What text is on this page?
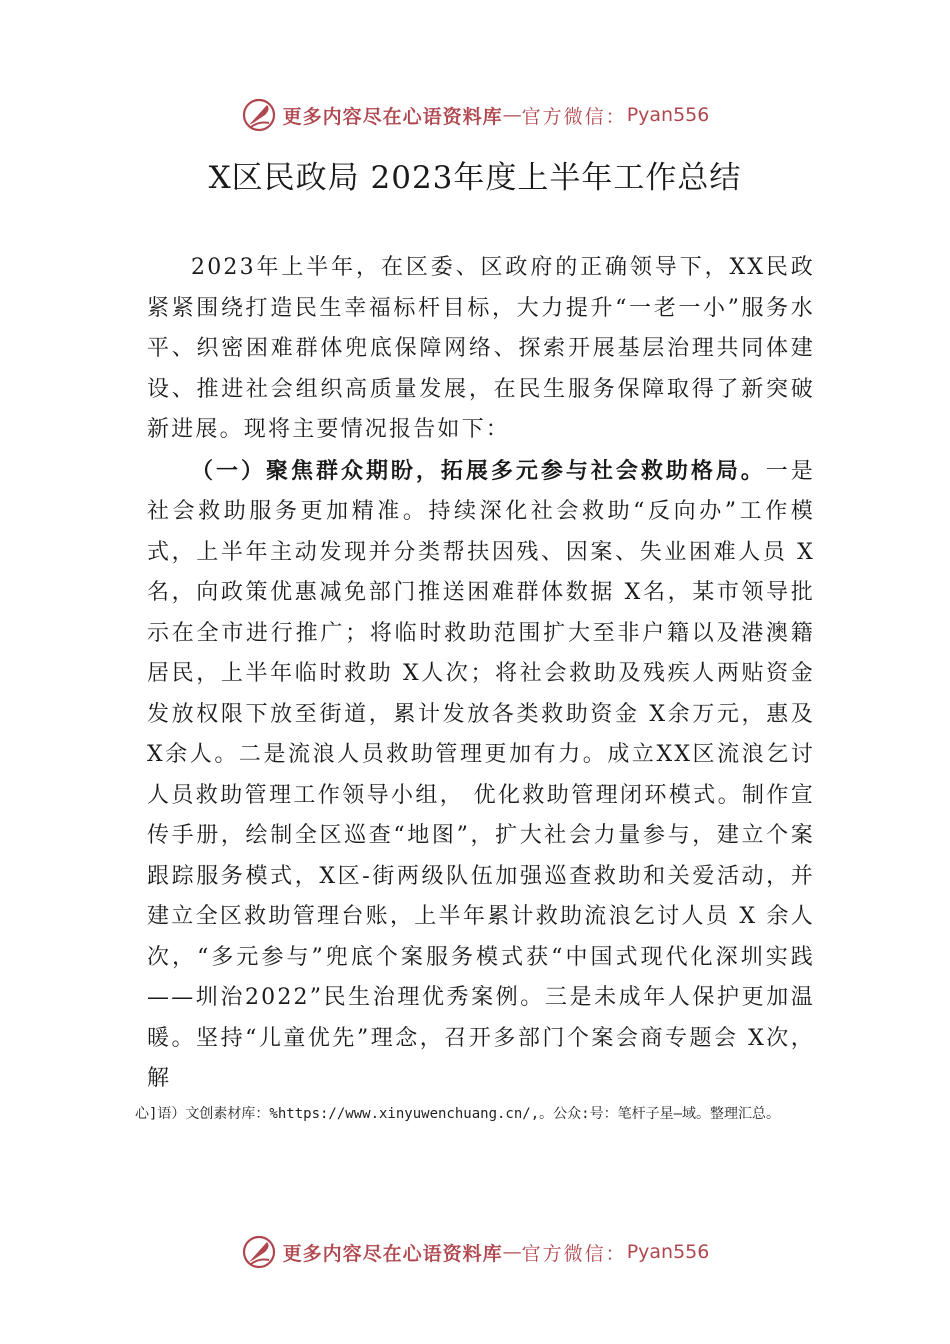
更多内容尽在心语资料库 — 官方微信： Pyan556
X区民政局 2023年度上半年工作总结

2023年上半年，在区委、区政府的正确领导下，XX民政紧紧围绕打造民生幸福标杆目标，大力提升“一老一小”服务水平、织密困难群体兜底保障网络、探索开展基层治理共同体建设、推进社会组织高质量发展，在民生服务保障取得了新突破新进展。现将主要情况报告如下：

（一）聚焦群众期盼，拓展多元参与社会救助格局。一是社会救助服务更加精准。持续深化社会救助“反向办”工作模式，上半年主动发现并分类帮扶因残、因案、失业困难人员 X名，向政策优惠减免部门推送困难群体数据 X名，某市领导批示在全市进行推广；将临时救助范围扩大至非户籍以及港澳籍居民，上半年临时救助 X人次；将社会救助及残疾人两贴资金发放权限下放至街道，累计发放各类救助资金 X余万元，惠及 X余人。二是流浪人员救助管理更加有力。成立XX区流浪乞讨人员救助管理工作领导小组， 优化救助管理闭环模式。制作宣传手册，绘制全区巡查“地图”，扩大社会力量参与，建立个案跟踪服务模式，X区-街两级队伍加强巡查救助和关爱活动，并建立全区救助管理台账，上半年累计救助流浪乞讨人员 X 余人次，“多元参与”兜底个案服务模式获“中国式现代化深圳实践——圳治2022”民生治理优秀案例。三是未成年人保护更加温暖。坚持“儿童优先”理念，召开多部门个案会商专题会 X次，解

心]语）文创素材库：%https://www.xinyuwenchuang.cn/,。公众:号：笔杆子星—域。整理汇总。
更多内容尽在心语资料库 — 官方微信： Pyan556
